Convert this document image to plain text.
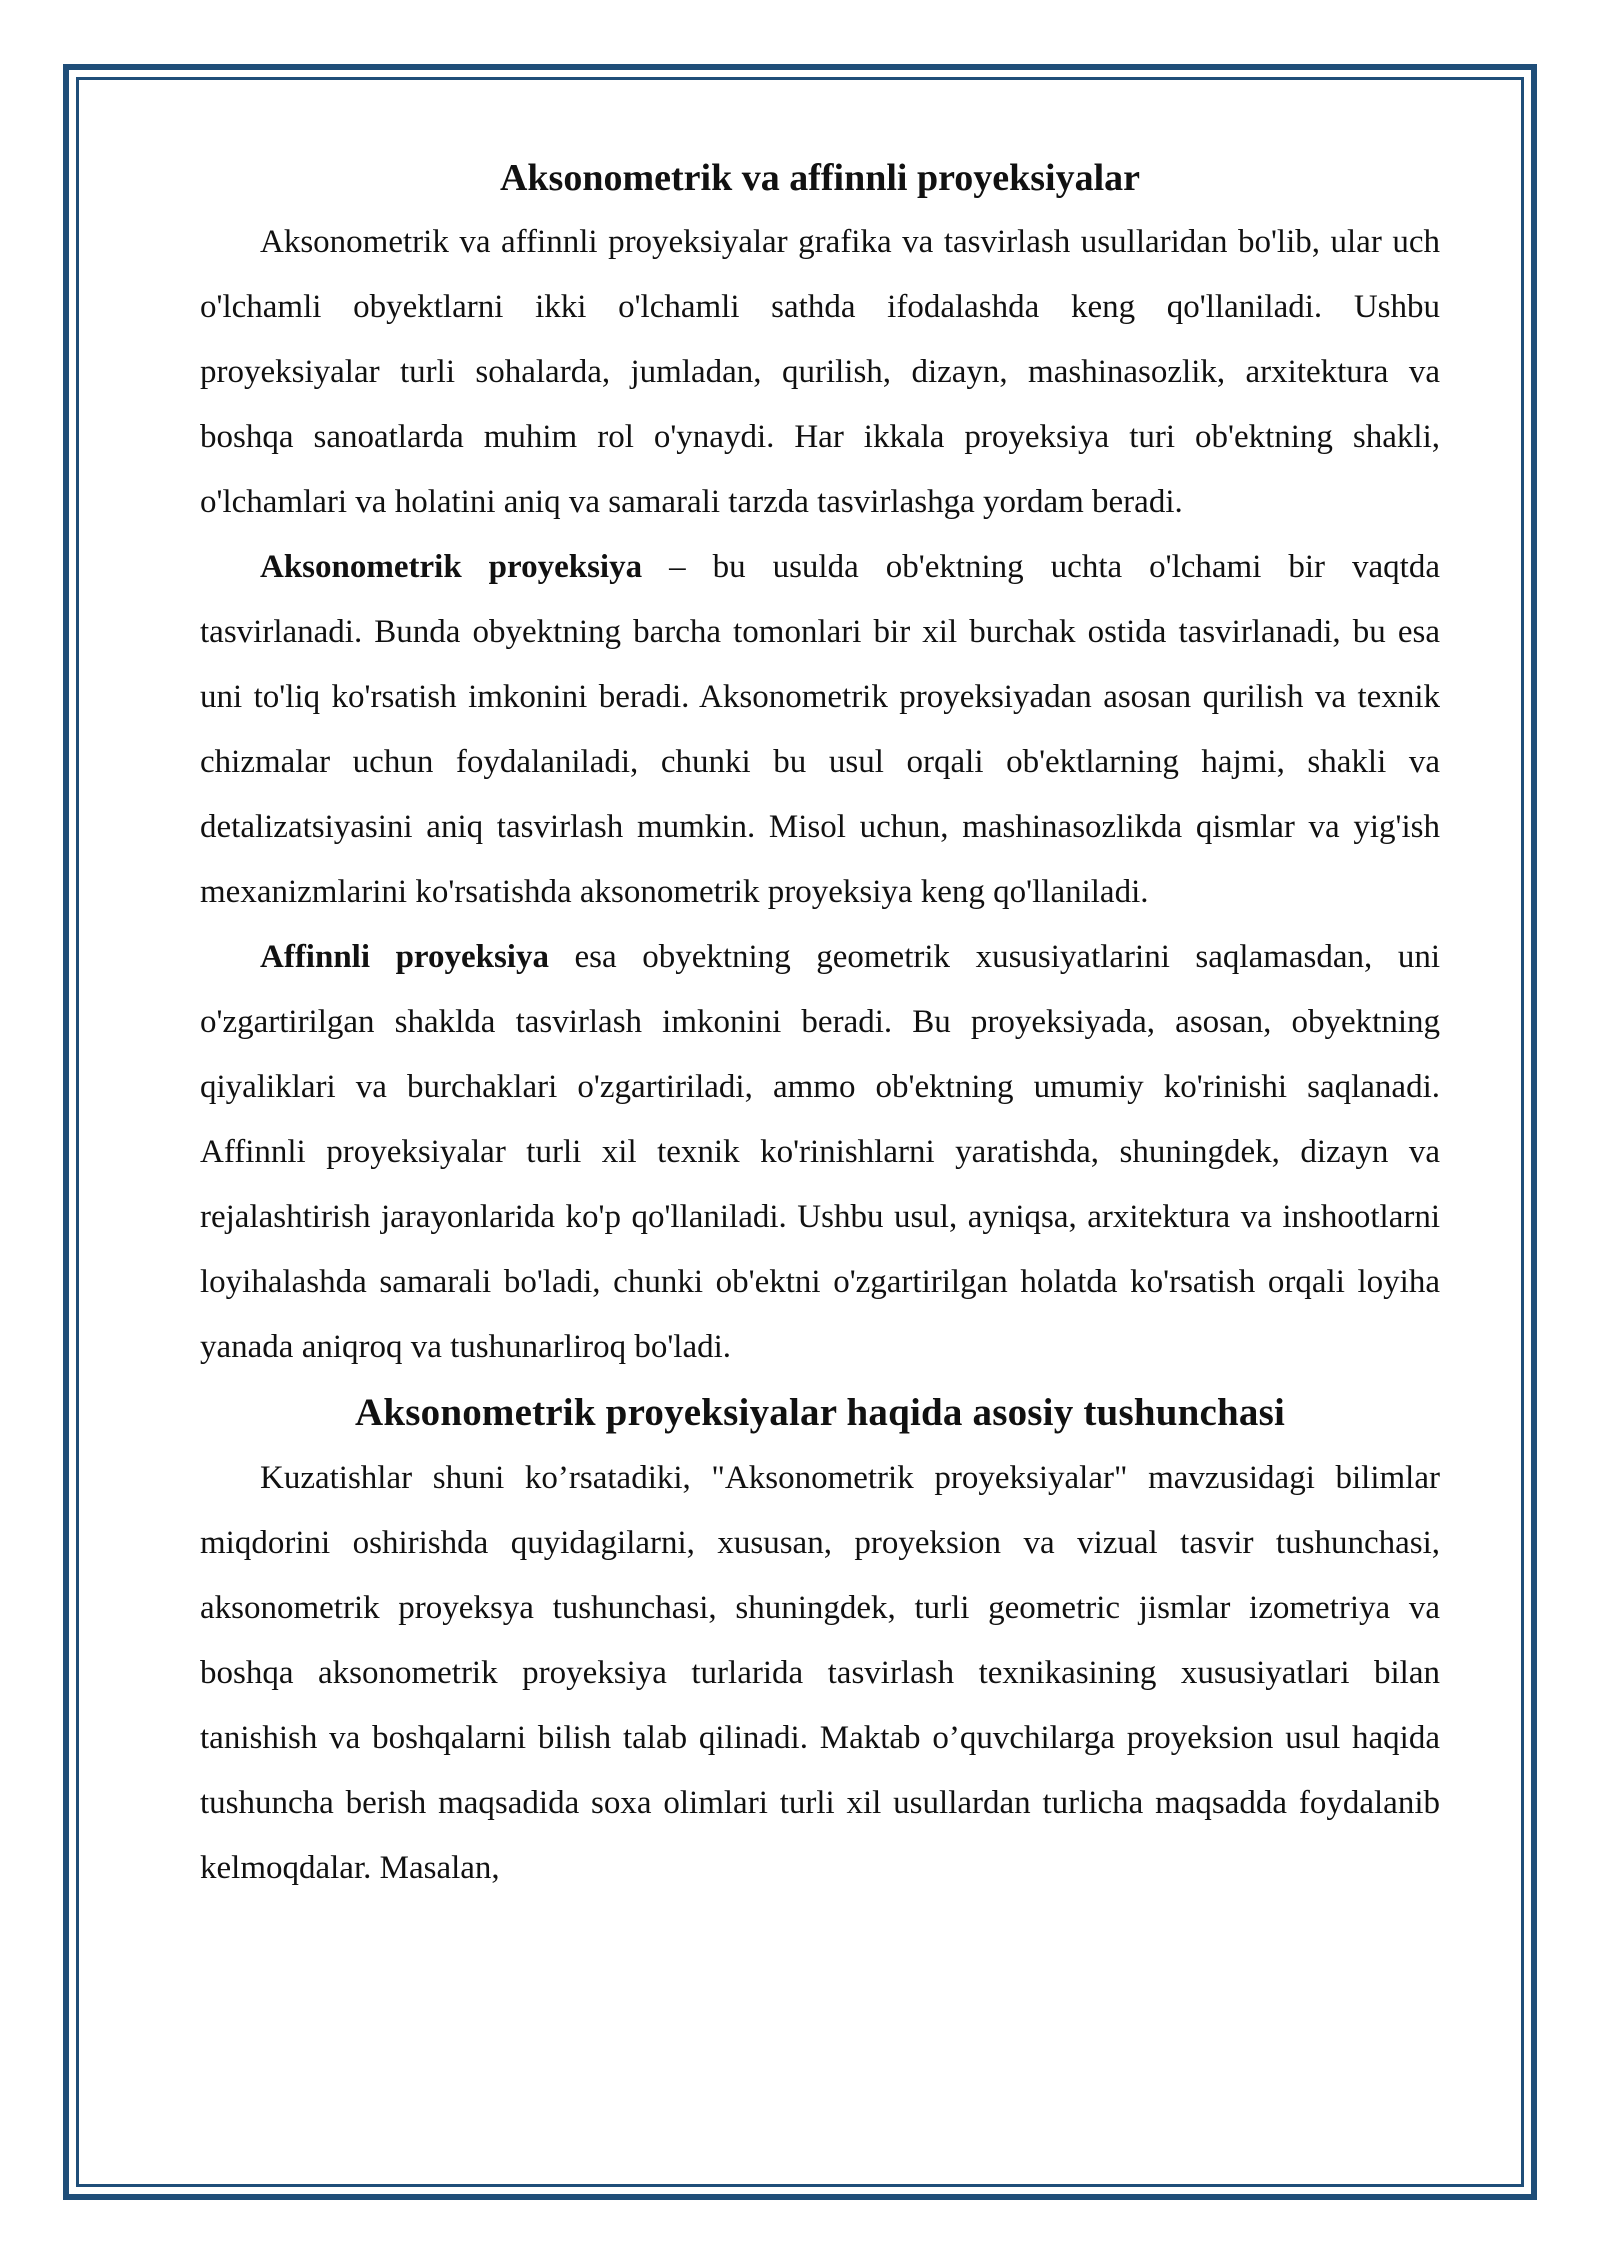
Aksonometrik va affinnli proyeksiyalar

Aksonometrik va affinnli proyeksiyalar grafika va tasvirlash usullaridan bo'lib, ular uch o'lchamli obyektlarni ikki o'lchamli sathda ifodalashda keng qo'llaniladi. Ushbu proyeksiyalar turli sohalarda, jumladan, qurilish, dizayn, mashinasozlik, arxitektura va boshqa sanoatlarda muhim rol o'ynaydi. Har ikkala proyeksiya turi ob'ektning shakli, o'lchamlari va holatini aniq va samarali tarzda tasvirlashga yordam beradi.

Aksonometrik proyeksiya – bu usulda ob'ektning uchta o'lchami bir vaqtda tasvirlanadi. Bunda obyektning barcha tomonlari bir xil burchak ostida tasvirlanadi, bu esa uni to'liq ko'rsatish imkonini beradi. Aksonometrik proyeksiyadan asosan qurilish va texnik chizmalar uchun foydalaniladi, chunki bu usul orqali ob'ektlarning hajmi, shakli va detalizatsiyasini aniq tasvirlash mumkin. Misol uchun, mashinasozlikda qismlar va yig'ish mexanizmlarini ko'rsatishda aksonometrik proyeksiya keng qo'llaniladi.

Affinnli proyeksiya esa obyektning geometrik xususiyatlarini saqlamasdan, uni o'zgartirilgan shaklda tasvirlash imkonini beradi. Bu proyeksiyada, asosan, obyektning qiyaliklari va burchaklari o'zgartiriladi, ammo ob'ektning umumiy ko'rinishi saqlanadi. Affinnli proyeksiyalar turli xil texnik ko'rinishlarni yaratishda, shuningdek, dizayn va rejalashtirish jarayonlarida ko'p qo'llaniladi. Ushbu usul, ayniqsa, arxitektura va inshootlarni loyihalashda samarali bo'ladi, chunki ob'ektni o'zgartirilgan holatda ko'rsatish orqali loyiha yanada aniqroq va tushunarliroq bo'ladi.

Aksonometrik proyeksiyalar haqida asosiy tushunchasi

Kuzatishlar shuni ko’rsatadiki, "Aksonometrik proyeksiyalar" mavzusidagi bilimlar miqdorini oshirishda quyidagilarni, xususan, proyeksion va vizual tasvir tushunchasi, aksonometrik proyeksya tushunchasi, shuningdek, turli geometric jismlar izometriya va boshqa aksonometrik proyeksiya turlarida tasvirlash texnikasining xususiyatlari bilan tanishish va boshqalarni bilish talab qilinadi. Maktab o’quvchilarga proyeksion usul haqida tushuncha berish maqsadida soxa olimlari turli xil usullardan turlicha maqsadda foydalanib kelmoqdalar. Masalan,
